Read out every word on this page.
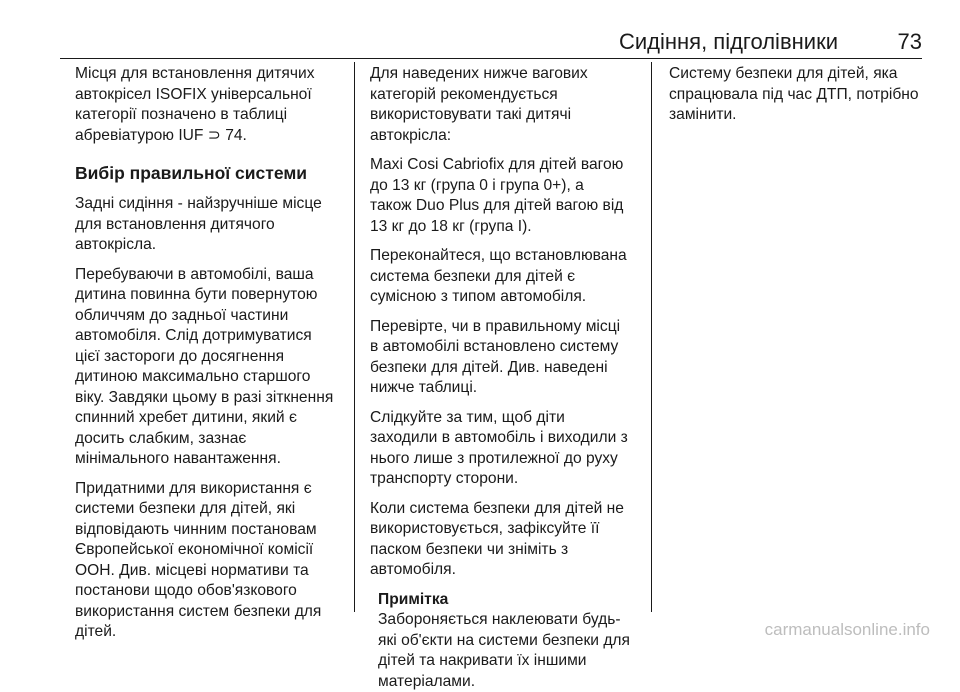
Сидіння, підголівники	73

Місця для встановлення дитячих
автокрісел ISOFIX універсальної
категорії позначено в таблиці
абревіатурою IUF ⊃ 74.

Вибір правильної системи

Задні сидіння - найзручніше місце
для встановлення дитячого
автокрісла.

Перебуваючи в автомобілі, ваша
дитина повинна бути повернутою
обличчям до задньої частини
автомобіля. Слід дотримуватися
цієї застороги до досягнення
дитиною максимально старшого
віку. Завдяки цьому в разі зіткнення
спинний хребет дитини, який є
досить слабким, зазнає
мінімального навантаження.

Придатними для використання є
системи безпеки для дітей, які
відповідають чинним постановам
Європейської економічної комісії
ООН. Див. місцеві нормативи та
постанови щодо обов'язкового
використання систем безпеки для
дітей.

Для наведених нижче вагових
категорій рекомендується
використовувати такі дитячі
автокрісла:

Maxi Cosi Cabriofix для дітей вагою
до 13 кг (група 0 і група 0+), а
також Duo Plus для дітей вагою від
13 кг до 18 кг (група I).

Переконайтеся, що встановлювана
система безпеки для дітей є
сумісною з типом автомобіля.

Перевірте, чи в правильному місці
в автомобілі встановлено систему
безпеки для дітей. Див. наведені
нижче таблиці.

Слідкуйте за тим, щоб діти
заходили в автомобіль і виходили з
нього лише з протилежної до руху
транспорту сторони.

Коли система безпеки для дітей не
використовується, зафіксуйте її
паском безпеки чи зніміть з
автомобіля.

Примітка
Забороняється наклеювати будь-
які об'єкти на системи безпеки для
дітей та накривати їх іншими
матеріалами.

Систему безпеки для дітей, яка
спрацювала під час ДТП, потрібно
замінити.

carmanualsonline.info
